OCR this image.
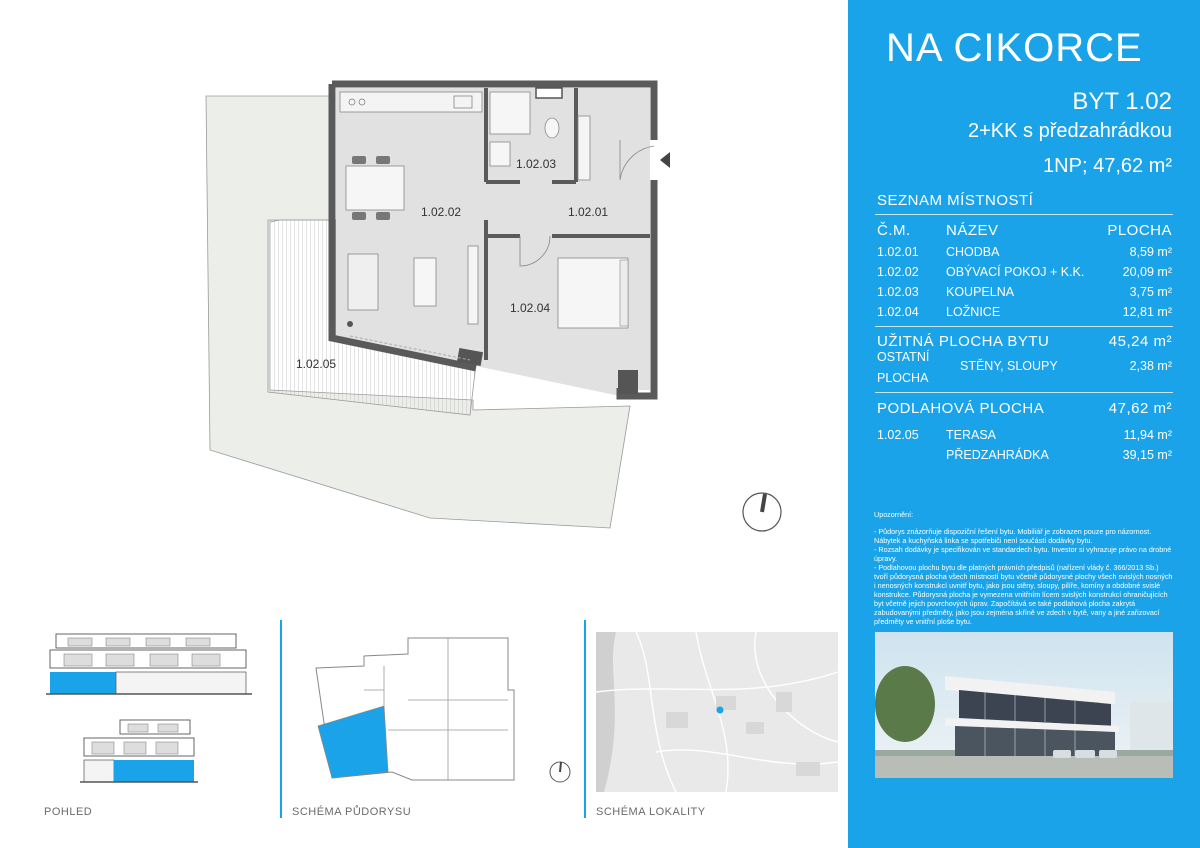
1.02.03
1.02.02	1.02.01
1.02.04
1.02.05
POHLED	SCHÉMA PŮDORYSU	SCHÉMA LOKALITY
NA CIKORCE
BYT 1.02
2+KK s předzahrádkou
1NP; 47,62 m²
SEZNAM MÍSTNOSTÍ
Č.M. NÁZEV	PLOCHA
1.02.01 CHODBA	8,59 m²
1.02.02 OBÝVACÍ POKOJ + K.K.	20,09 m²
1.02.03 KOUPELNA	3,75 m²
1.02.04 LOŽNICE	12,81 m²
UŽITNÁ PLOCHA BYTU	45,24 m²
OSTATNÍ
PLOCHA
STĚNY, SLOUPY	2,38 m²
PODLAHOVÁ PLOCHA	47,62 m²
1.02.05 TERASA	11,94 m²
PŘEDZAHRÁDKA	39,15 m²

Upozornění:

- Půdorys znázorňuje dispoziční řešení bytu. Mobiliář je zobrazen pouze pro názornost. Nábytek a kuchyňská linka se spotřebiči není součástí dodávky bytu.

- Rozsah dodávky je specifikován ve standardech bytu. Investor si vyhrazuje právo na drobné úpravy.

- Podlahovou plochu bytu dle platných právních předpisů (nařízení vlády č. 366/2013 Sb.) tvoří půdorysná plocha všech místností bytu včetně půdorysné plochy všech svislých nosných i nenosných konstrukcí uvnitř bytu, jako jsou stěny, sloupy, pilíře, komíny a obdobné svislé konstrukce. Půdorysná plocha je vymezena vnitřním lícem svislých konstrukcí ohraničujících byt včetně jejich povrchových úprav. Započítává se také podlahová plocha zakrytá zabudovanými předměty, jako jsou zejména skříně ve zdech v bytě, vany a jiné zařizovací předměty ve vnitřní ploše bytu.
